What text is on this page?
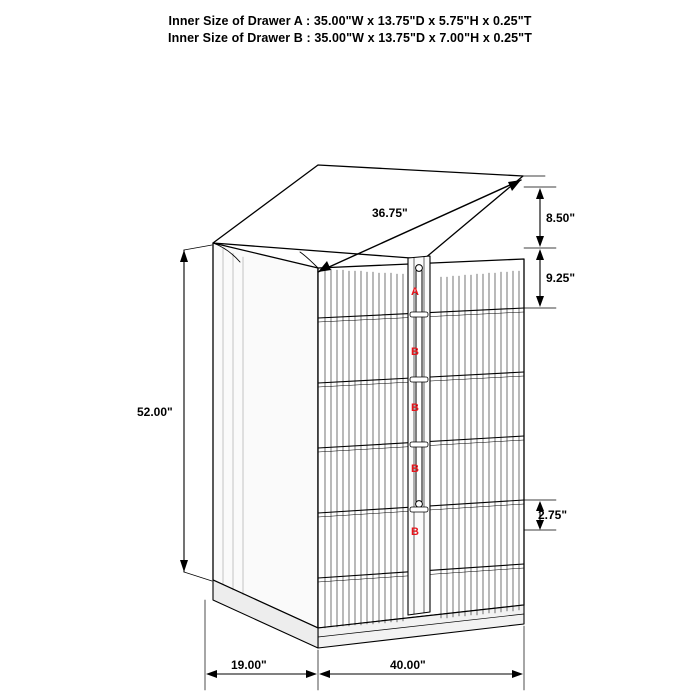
Inner Size of Drawer A : 35.00"W x 13.75"D x 5.75"H x 0.25"T
Inner Size of Drawer B : 35.00"W x 13.75"D x 7.00"H x 0.25"T
36.75"
52.00"
8.50"
9.25"
2.75"
19.00"	40.00"
A
B
B
B
B
